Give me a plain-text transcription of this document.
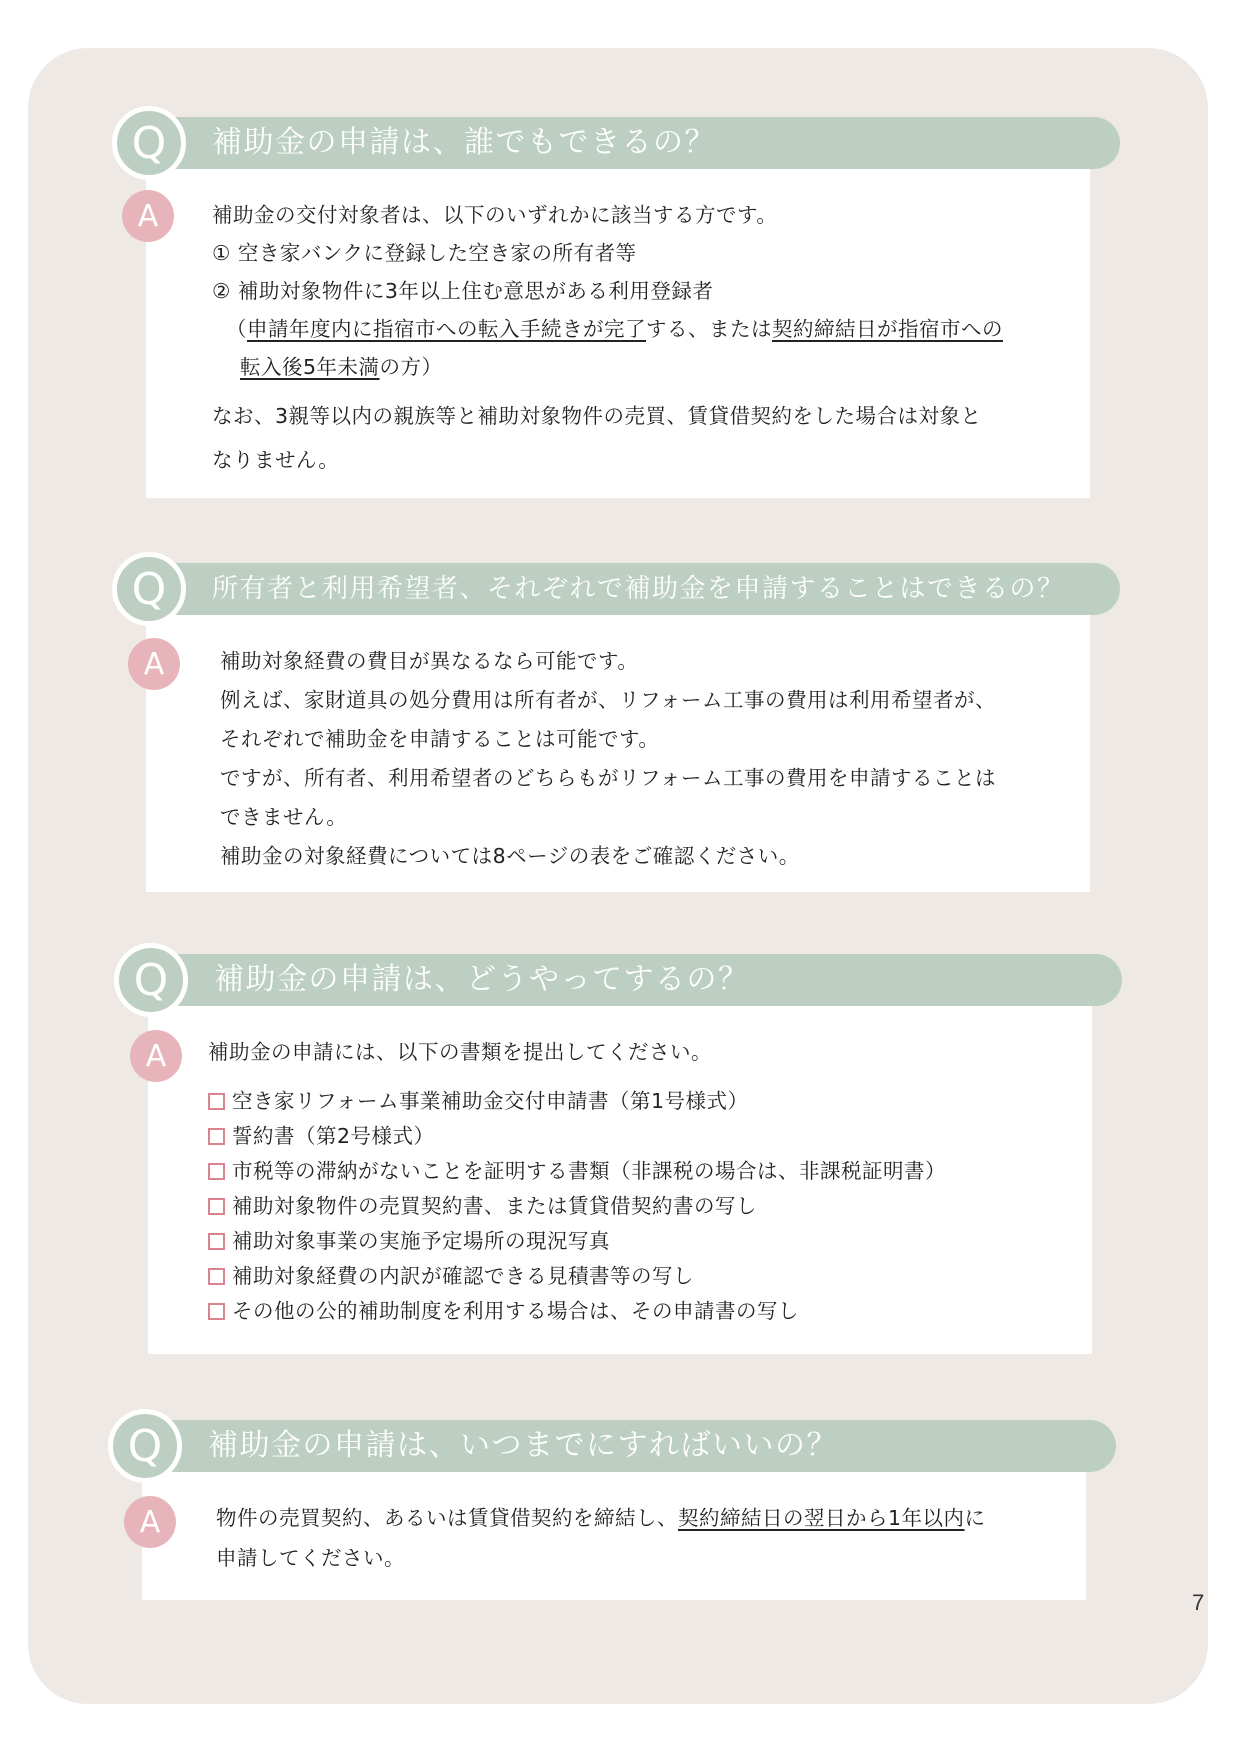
補助金の申請は、誰でもできるの？
Q
A	補助金の交付対象者は、以下のいずれかに該当する方です。
① 空き家バンクに登録した空き家の所有者等
② 補助対象物件に3年以上住む意思がある利用登録者
（申請年度内に指宿市への転入手続きが完了する、または契約締結日が指宿市への
転入後5年未満の方）
なお、3親等以内の親族等と補助対象物件の売買、賃貸借契約をした場合は対象と
なりません。
所有者と利用希望者、それぞれで補助金を申請することはできるの？
Q
A	補助対象経費の費目が異なるなら可能です。
例えば、家財道具の処分費用は所有者が、リフォーム工事の費用は利用希望者が、
それぞれで補助金を申請することは可能です。
ですが、所有者、利用希望者のどちらもがリフォーム工事の費用を申請することは
できません。
補助金の対象経費については8ページの表をご確認ください。
補助金の申請は、どうやってするの？
Q
A 補助金の申請には、以下の書類を提出してください。
空き家リフォーム事業補助金交付申請書（第1号様式）
誓約書（第2号様式）
市税等の滞納がないことを証明する書類（非課税の場合は、非課税証明書）
補助対象物件の売買契約書、または賃貸借契約書の写し
補助対象事業の実施予定場所の現況写真
補助対象経費の内訳が確認できる見積書等の写し
その他の公的補助制度を利用する場合は、その申請書の写し
補助金の申請は、いつまでにすればいいの？
Q
A	物件の売買契約、あるいは賃貸借契約を締結し、契約締結日の翌日から1年以内に
申請してください。
7
